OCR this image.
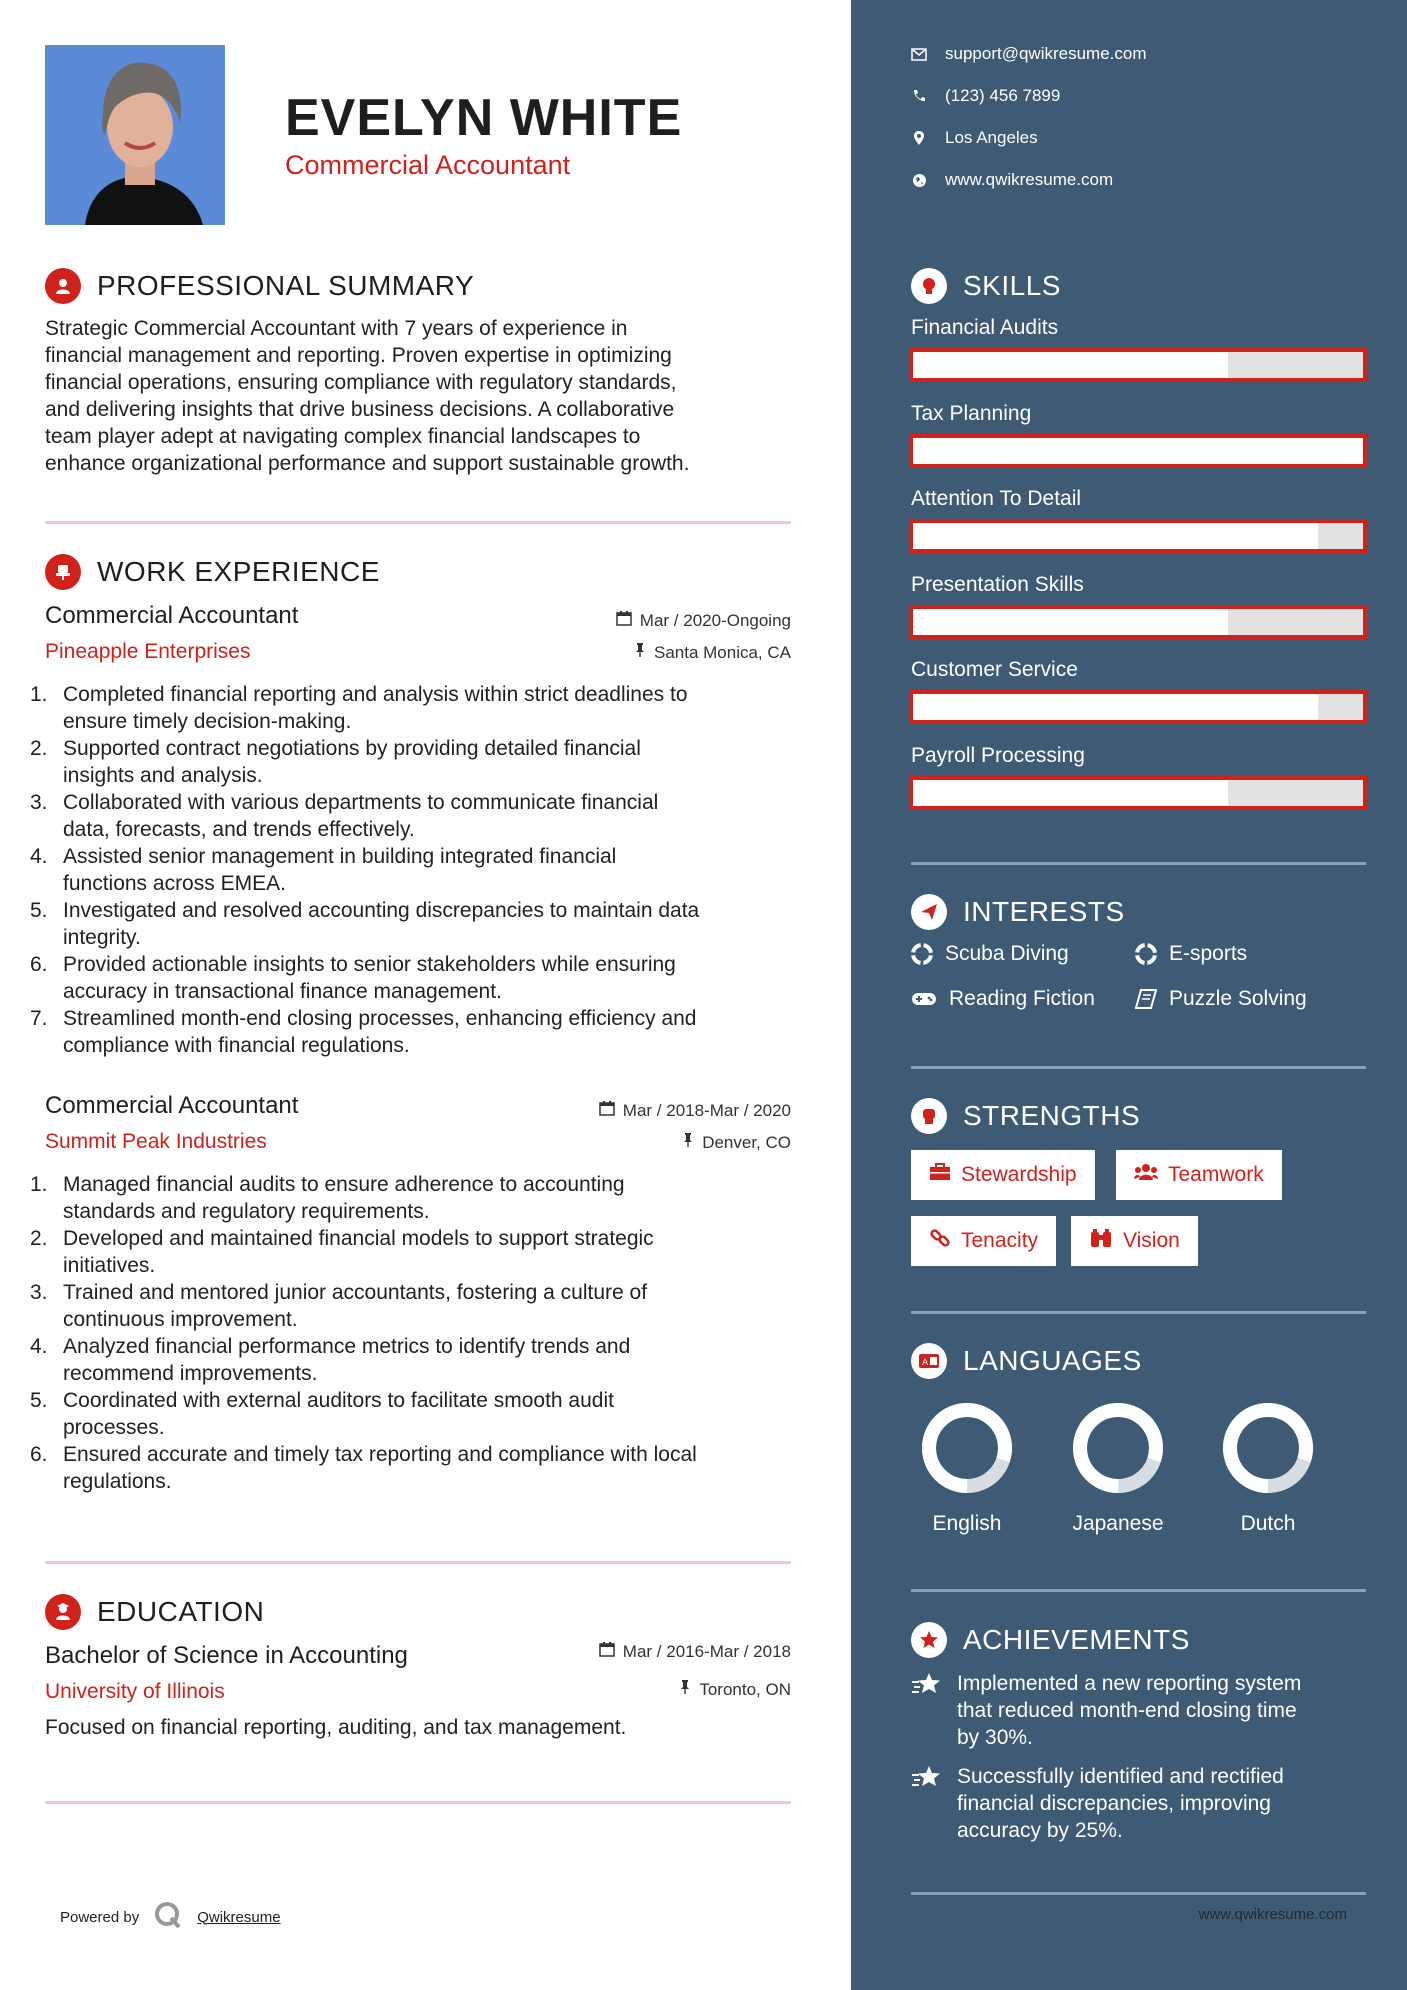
EVELYN WHITE
Commercial Accountant
PROFESSIONAL SUMMARY
Strategic Commercial Accountant with 7 years of experience in
financial management and reporting. Proven expertise in optimizing
financial operations, ensuring compliance with regulatory standards,
and delivering insights that drive business decisions. A collaborative
team player adept at navigating complex financial landscapes to
enhance organizational performance and support sustainable growth.
WORK EXPERIENCE
Commercial Accountant	Mar / 2020-Ongoing
Pineapple Enterprises	Santa Monica, CA
1. Completed financial reporting and analysis within strict deadlines to
ensure timely decision-making.
2. Supported contract negotiations by providing detailed financial
insights and analysis.
3. Collaborated with various departments to communicate financial
data, forecasts, and trends effectively.
4. Assisted senior management in building integrated financial
functions across EMEA.
5. Investigated and resolved accounting discrepancies to maintain data
integrity.
6. Provided actionable insights to senior stakeholders while ensuring
accuracy in transactional finance management.
7. Streamlined month-end closing processes, enhancing efficiency and
compliance with financial regulations.
Commercial Accountant	Mar / 2018-Mar / 2020
Summit Peak Industries	Denver, CO
1. Managed financial audits to ensure adherence to accounting
standards and regulatory requirements.
2. Developed and maintained financial models to support strategic
initiatives.
3. Trained and mentored junior accountants, fostering a culture of
continuous improvement.
4. Analyzed financial performance metrics to identify trends and
recommend improvements.
5. Coordinated with external auditors to facilitate smooth audit
processes.
6. Ensured accurate and timely tax reporting and compliance with local
regulations.
EDUCATION
Bachelor of Science in Accounting	Mar / 2016-Mar / 2018
University of Illinois	Toronto, ON
Focused on financial reporting, auditing, and tax management.
Powered by	Qwikresume
support@qwikresume.com
(123) 456 7899
Los Angeles
www.qwikresume.com
SKILLS
Financial Audits
Tax Planning
Attention To Detail
Presentation Skills
Customer Service
Payroll Processing
INTERESTS
Scuba Diving	E-sports
Reading Fiction	Puzzle Solving
STRENGTHS
Stewardship	Teamwork
Tenacity	Vision
A LANGUAGES
English	Japanese	Dutch
ACHIEVEMENTS
Implemented a new reporting system
that reduced month-end closing time
by 30%.
Successfully identified and rectified
financial discrepancies, improving
accuracy by 25%.
www.qwikresume.com
